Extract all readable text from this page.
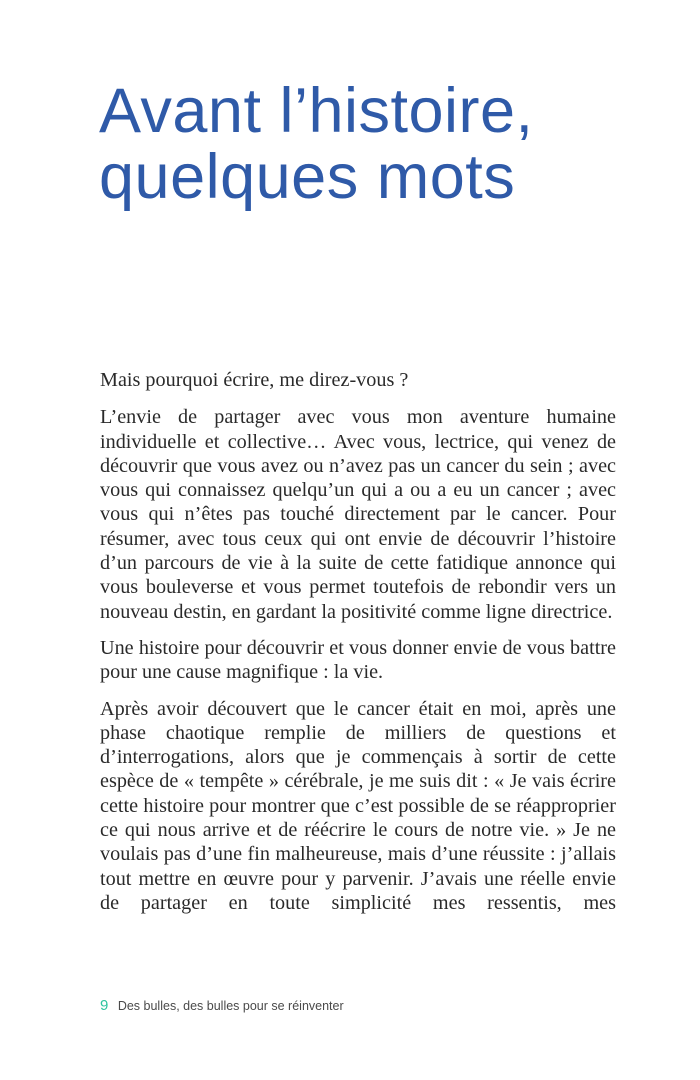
Avant l’histoire, quelques mots

Mais pourquoi écrire, me direz-vous ?

L’envie de partager avec vous mon aventure humaine individuelle et collective… Avec vous, lectrice, qui venez de découvrir que vous avez ou n’avez pas un cancer du sein ; avec vous qui connaissez quelqu’un qui a ou a eu un cancer ; avec vous qui n’êtes pas touché directement par le cancer. Pour résumer, avec tous ceux qui ont envie de découvrir l’histoire d’un parcours de vie à la suite de cette fatidique annonce qui vous bouleverse et vous permet toutefois de rebondir vers un nouveau destin, en gardant la positivité comme ligne directrice.

Une histoire pour découvrir et vous donner envie de vous battre pour une cause magnifique : la vie.

Après avoir découvert que le cancer était en moi, après une phase chaotique remplie de milliers de questions et d’interrogations, alors que je commençais à sortir de cette espèce de « tempête » cérébrale, je me suis dit : « Je vais écrire cette histoire pour montrer que c’est possible de se réapproprier ce qui nous arrive et de réécrire le cours de notre vie. » Je ne voulais pas d’une fin malheureuse, mais d’une réussite : j’allais tout mettre en œuvre pour y parvenir. J’avais une réelle envie de partager en toute simplicité mes ressentis, mes

9 Des bulles, des bulles pour se réinventer
